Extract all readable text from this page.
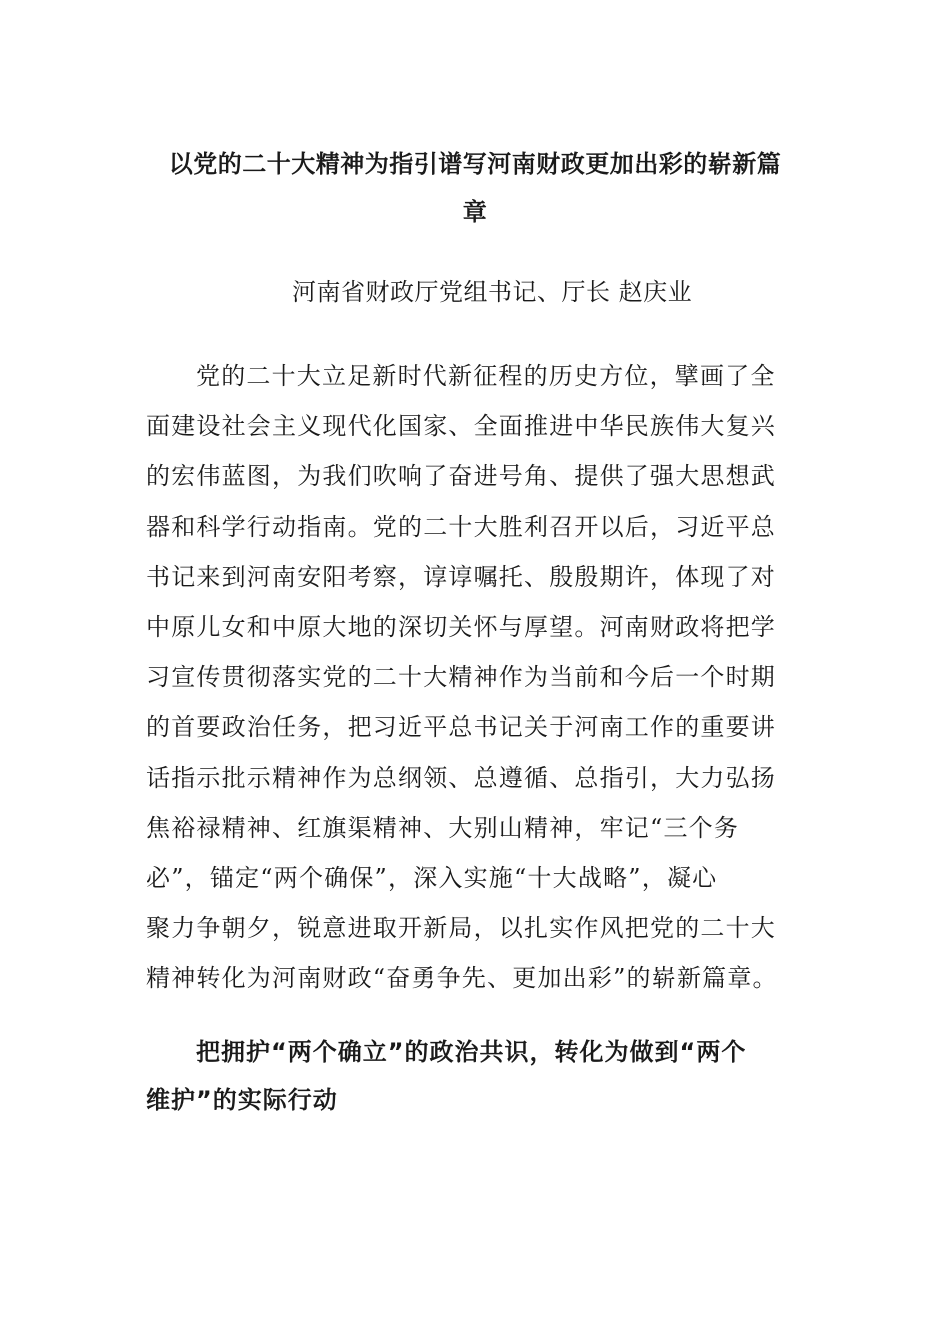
以党的二十大精神为指引谱写河南财政更加出彩的崭新篇
章
河南省财政厅党组书记、厅长 赵庆业
党的二十大立足新时代新征程的历史方位，擘画了全
面建设社会主义现代化国家、全面推进中华民族伟大复兴
的宏伟蓝图，为我们吹响了奋进号角、提供了强大思想武
器和科学行动指南。党的二十大胜利召开以后，习近平总
书记来到河南安阳考察，谆谆嘱托、殷殷期许，体现了对
中原儿女和中原大地的深切关怀与厚望。河南财政将把学
习宣传贯彻落实党的二十大精神作为当前和今后一个时期
的首要政治任务，把习近平总书记关于河南工作的重要讲
话指示批示精神作为总纲领、总遵循、总指引，大力弘扬
焦裕禄精神、红旗渠精神、大别山精神，牢记“三个务
必”，锚定“两个确保”，深入实施“十大战略”，凝心
聚力争朝夕，锐意进取开新局，以扎实作风把党的二十大
精神转化为河南财政“奋勇争先、更加出彩”的崭新篇章。
把拥护“两个确立”的政治共识，转化为做到“两个
维护”的实际行动
